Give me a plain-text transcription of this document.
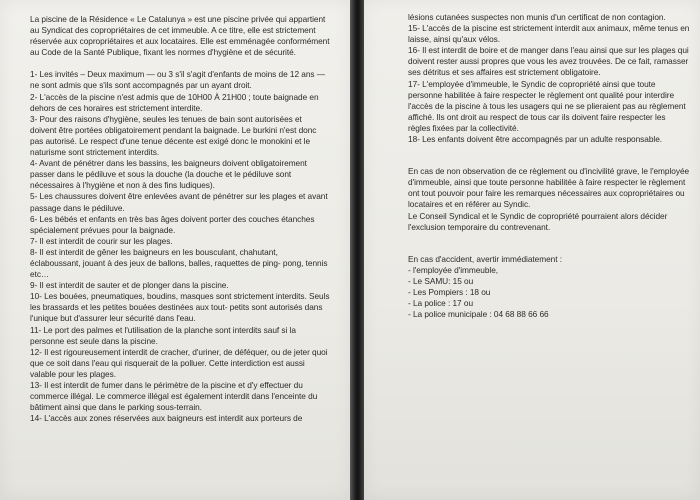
La piscine de la Résidence « Le Catalunya » est une piscine privée qui appartient au Syndicat des copropriétaires de cet immeuble. A ce titre, elle est strictement réservée aux copropriétaires et aux locataires. Elle est emménagée conformément au Code de la Santé Publique, fixant les normes d'hygiène et de sécurité.

1- Les invités – Deux maximum — ou 3 s'il s'agit d'enfants de moins de 12 ans — ne sont admis que s'ils sont accompagnés par un ayant droit.

2- L'accès de la piscine n'est admis que de 10H00 À 21H00 ; toute baignade en dehors de ces horaires est strictement interdite.

3- Pour des raisons d'hygiène, seules les tenues de bain sont autorisées et doivent être portées obligatoirement pendant la baignade. Le burkini n'est donc pas autorisé. Le respect d'une tenue décente est exigé donc le monokini et le naturisme sont strictement interdits.

4- Avant de pénétrer dans les bassins, les baigneurs doivent obligatoirement passer dans le pédiluve et sous la douche (la douche et le pédiluve sont nécessaires à l'hygiène et non à des fins ludiques).

5- Les chaussures doivent être enlevées avant de pénétrer sur les plages et avant passage dans le pédiluve.

6- Les bébés et enfants en très bas âges doivent porter des couches étanches spécialement prévues pour la baignade.

7- Il est interdit de courir sur les plages.

8- Il est interdit de gêner les baigneurs en les bousculant, chahutant, éclaboussant, jouant à des jeux de ballons, balles, raquettes de ping- pong, tennis etc…

9- Il est interdit de sauter et de plonger dans la piscine.

10- Les bouées, pneumatiques, boudins, masques sont strictement interdits. Seuls les brassards et les petites bouées destinées aux tout- petits sont autorisés dans l'unique but d'assurer leur sécurité dans l'eau.

11- Le port des palmes et l'utilisation de la planche sont interdits sauf si la personne est seule dans la piscine.

12- Il est rigoureusement interdit de cracher, d'uriner, de déféquer, ou de jeter quoi que ce soit dans l'eau qui risquerait de la polluer. Cette interdiction est aussi valable pour les plages.

13- Il est interdit de fumer dans le périmètre de la piscine et d'y effectuer du commerce illégal. Le commerce illégal est également interdit dans l'enceinte du bâtiment ainsi que dans le parking sous-terrain.

14- L'accès aux zones réservées aux baigneurs est interdit aux porteurs de

lésions cutanées suspectes non munis d'un certificat de non contagion.

15- L'accès de la piscine est strictement interdit aux animaux, même tenus en laisse, ainsi qu'aux vélos.

16- Il est interdit de boire et de manger dans l'eau ainsi que sur les plages qui doivent rester aussi propres que vous les avez trouvées. De ce fait, ramasser ses détritus et ses affaires est strictement obligatoire.

17- L'employée d'immeuble, le Syndic de copropriété ainsi que toute personne habilitée à faire respecter le règlement ont qualité pour interdire l'accès de la piscine à tous les usagers qui ne se plieraient pas au règlement affiché. Ils ont droit au respect de tous car ils doivent faire respecter les règles fixées par la collectivité.

18- Les enfants doivent être accompagnés par un adulte responsable.

En cas de non observation de ce règlement ou d'incivilité grave, le l'employée d'immeuble, ainsi que toute personne habilitée à faire respecter le règlement ont tout pouvoir pour faire les remarques nécessaires aux copropriétaires ou locataires et en référer au Syndic.

Le Conseil Syndical et le Syndic de copropriété pourraient alors décider l'exclusion temporaire du contrevenant.

En cas d'accident, avertir immédiatement :

- l'employée d'immeuble,

- Le SAMU: 15 ou

- Les Pompiers : 18 ou

- La police : 17 ou

- La police municipale : 04 68 88 66 66
